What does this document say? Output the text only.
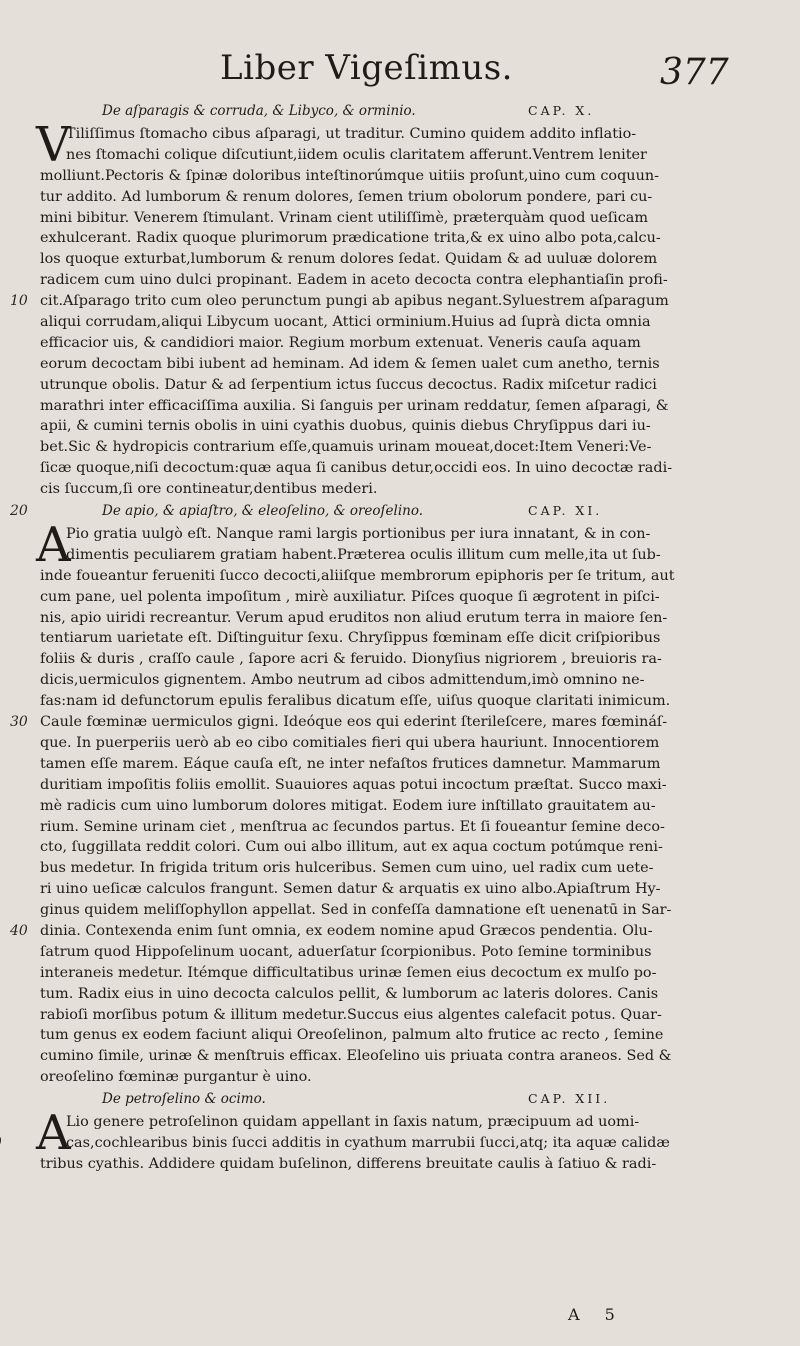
Liber Vigeſimus.	377
De aſparagis & corruda, & Libyco, & orminio.	CAP. X.
V
Tiliſſimus ſtomacho cibus aſparagi, ut traditur. Cumino quidem addito inflatio-
nes ſtomachi colique diſcutiunt,iidem oculis claritatem afferunt.Ventrem leniter
molliunt.Pectoris & ſpinæ doloribus inteſtinorúmque uitiis proſunt,uino cum coquun-
tur addito. Ad lumborum & renum dolores, ſemen trium obolorum pondere, pari cu-
mini bibitur. Venerem ſtimulant. Vrinam cient utiliſſimè, præterquàm quod ueſicam
exhulcerant. Radix quoque plurimorum prædicatione trita,& ex uino albo pota,calcu-
los quoque exturbat,lumborum & renum dolores ſedat. Quidam & ad uuluæ dolorem
radicem cum uino dulci propinant. Eadem in aceto decocta contra elephantiaſin profi-
10 cit.Aſparago trito cum oleo perunctum pungi ab apibus negant.Syluestrem aſparagum
aliqui corrudam,aliqui Libycum uocant, Attici orminium.Huius ad ſuprà dicta omnia
efficacior uis, & candidiori maior. Regium morbum extenuat. Veneris cauſa aquam
eorum decoctam bibi iubent ad heminam. Ad idem & ſemen ualet cum anetho, ternis
utrunque obolis. Datur & ad ſerpentium ictus ſuccus decoctus. Radix miſcetur radici
marathri inter efficaciſſima auxilia. Si ſanguis per urinam reddatur, ſemen aſparagi, &
apii, & cumini ternis obolis in uini cyathis duobus, quinis diebus Chryſippus dari iu-
bet.Sic & hydropicis contrarium eſſe,quamuis urinam moueat,docet:Item Veneri:Ve-
ſicæ quoque,niſi decoctum:quæ aqua ſi canibus detur,occidi eos. In uino decoctæ radi-
cis ſuccum,ſi ore contineatur,dentibus mederi.
20	De apio, & apiaſtro, & eleoſelino, & oreoſelino.	CAP. XI.
A
Pio gratia uulgò eſt. Nanque rami largis portionibus per iura innatant, & in con-
dimentis peculiarem gratiam habent.Præterea oculis illitum cum melle,ita ut ſub-
inde foueantur ferueniti ſucco decocti,aliiſque membrorum epiphoris per ſe tritum, aut
cum pane, uel polenta impoſitum , mirè auxiliatur. Piſces quoque ſi ægrotent in piſci-
nis, apio uiridi recreantur. Verum apud eruditos non aliud erutum terra in maiore ſen-
tentiarum uarietate eſt. Diſtinguitur ſexu. Chryſippus fœminam eſſe dicit criſpioribus
foliis & duris , craſſo caule , ſapore acri & feruido. Dionyſius nigriorem , breuioris ra-
dicis,uermiculos gignentem. Ambo neutrum ad cibos admittendum,imò omnino ne-
fas:nam id defunctorum epulis feralibus dicatum eſſe, uiſus quoque claritati inimicum.
30 Caule fœminæ uermiculos gigni. Ideóque eos qui ederint ſterileſcere, mares fœmináſ-
que. In puerperiis uerò ab eo cibo comitiales fieri qui ubera hauriunt. Innocentiorem
tamen eſſe marem. Eáque cauſa eſt, ne inter nefaſtos frutices damnetur. Mammarum
duritiam impoſitis foliis emollit. Suauiores aquas potui incoctum præſtat. Succo maxi-
mè radicis cum uino lumborum dolores mitigat. Eodem iure inſtillato grauitatem au-
rium. Semine urinam ciet , menſtrua ac ſecundos partus. Et ſi foueantur ſemine deco-
cto, ſuggillata reddit colori. Cum oui albo illitum, aut ex aqua coctum potúmque reni-
bus medetur. In frigida tritum oris hulceribus. Semen cum uino, uel radix cum uete-
ri uino ueſicæ calculos frangunt. Semen datur & arquatis ex uino albo.Apiaſtrum Hy-
ginus quidem meliſſophyllon appellat. Sed in confeſſa damnatione eſt uenenatū in Sar-
40 dinia. Contexenda enim ſunt omnia, ex eodem nomine apud Græcos pendentia. Olu-
ſatrum quod Hippoſelinum uocant, aduerſatur ſcorpionibus. Poto ſemine torminibus
interaneis medetur. Itémque difficultatibus urinæ ſemen eius decoctum ex mulſo po-
tum. Radix eius in uino decocta calculos pellit, & lumborum ac lateris dolores. Canis
rabioſi morſibus potum & illitum medetur.Succus eius algentes calefacit potus. Quar-
tum genus ex eodem faciunt aliqui Oreoſelinon, palmum alto frutice ac recto , ſemine
cumino ſimile, urinæ & menſtruis efficax. Eleoſelino uis priuata contra araneos. Sed &
oreoſelino fœminæ purgantur è uino.
De petroſelino & ocimo.	CAP. XII.
A
Lio genere petroſelinon quidam appellant in ſaxis natum, præcipuum ad uomi-
cas,cochlearibus binis ſucci additis in cyathum marrubii ſucci,atq; ita aquæ calidæ
tribus cyathis. Addidere quidam buſelinon, differens breuitate caulis à ſatiuo & radi-
A 5
